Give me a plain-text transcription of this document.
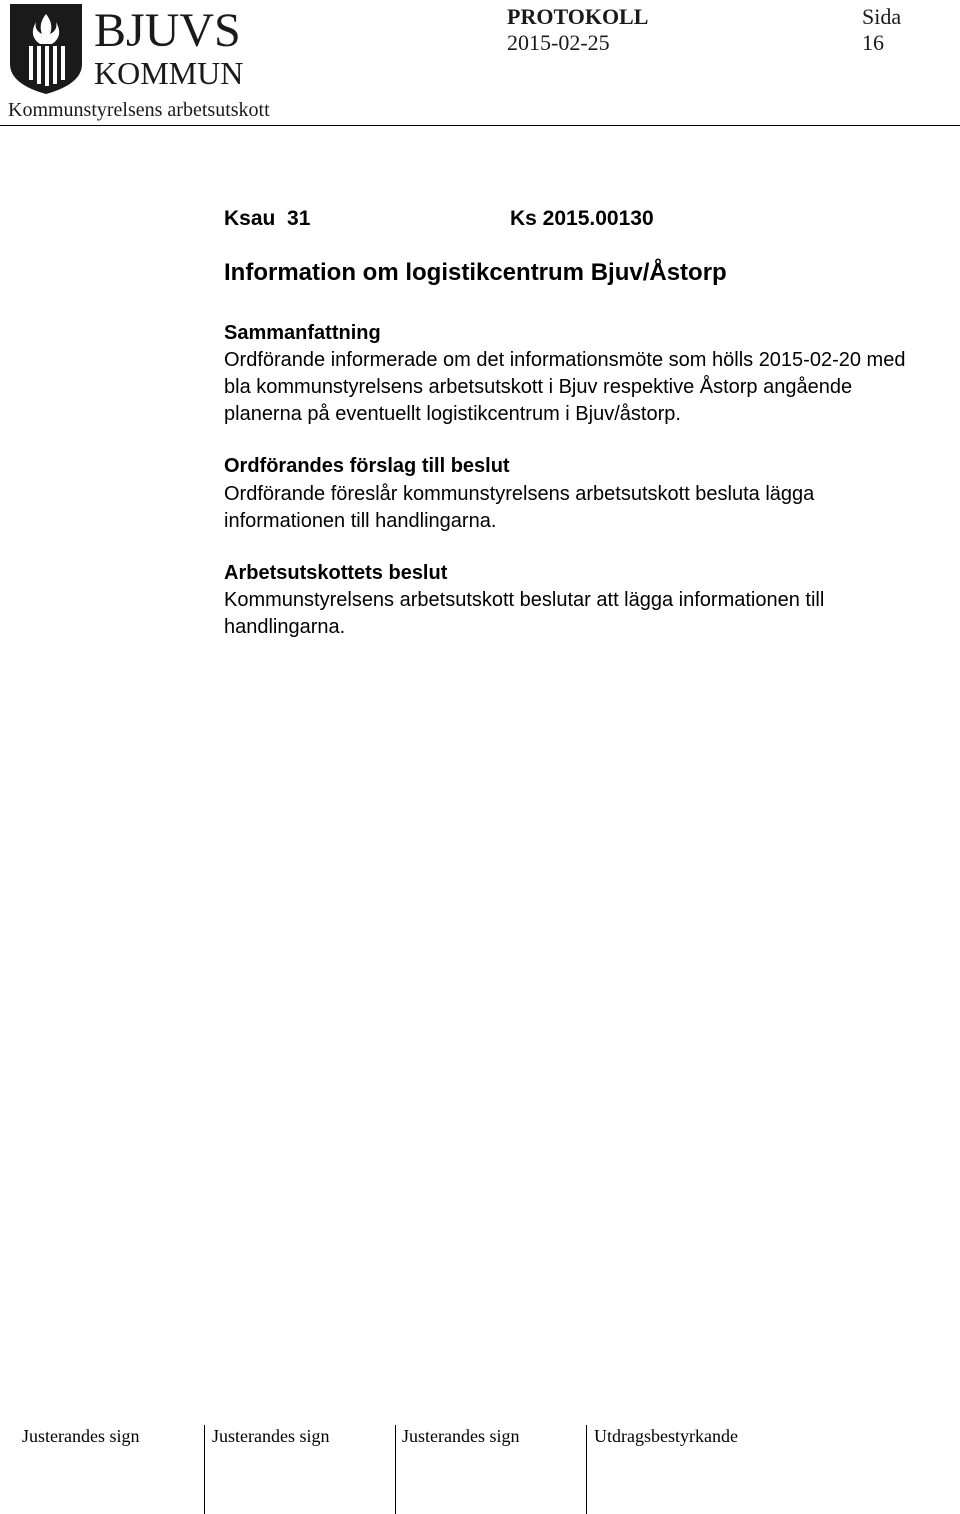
BJUVS
KOMMUN
PROTOKOLL
2015-02-25
Sida
16
Kommunstyrelsens arbetsutskott
Ksau  31	Ks 2015.00130
Information om logistikcentrum Bjuv/Åstorp
Sammanfattning
Ordförande informerade om det informationsmöte som hölls 2015-02-20 med
bla kommunstyrelsens arbetsutskott i Bjuv respektive Åstorp angående
planerna på eventuellt logistikcentrum i Bjuv/åstorp.
Ordförandes förslag till beslut
Ordförande föreslår kommunstyrelsens arbetsutskott besluta lägga
informationen till handlingarna.
Arbetsutskottets beslut
Kommunstyrelsens arbetsutskott beslutar att lägga informationen till
handlingarna.
Justerandes sign	Justerandes sign	Justerandes sign	Utdragsbestyrkande
